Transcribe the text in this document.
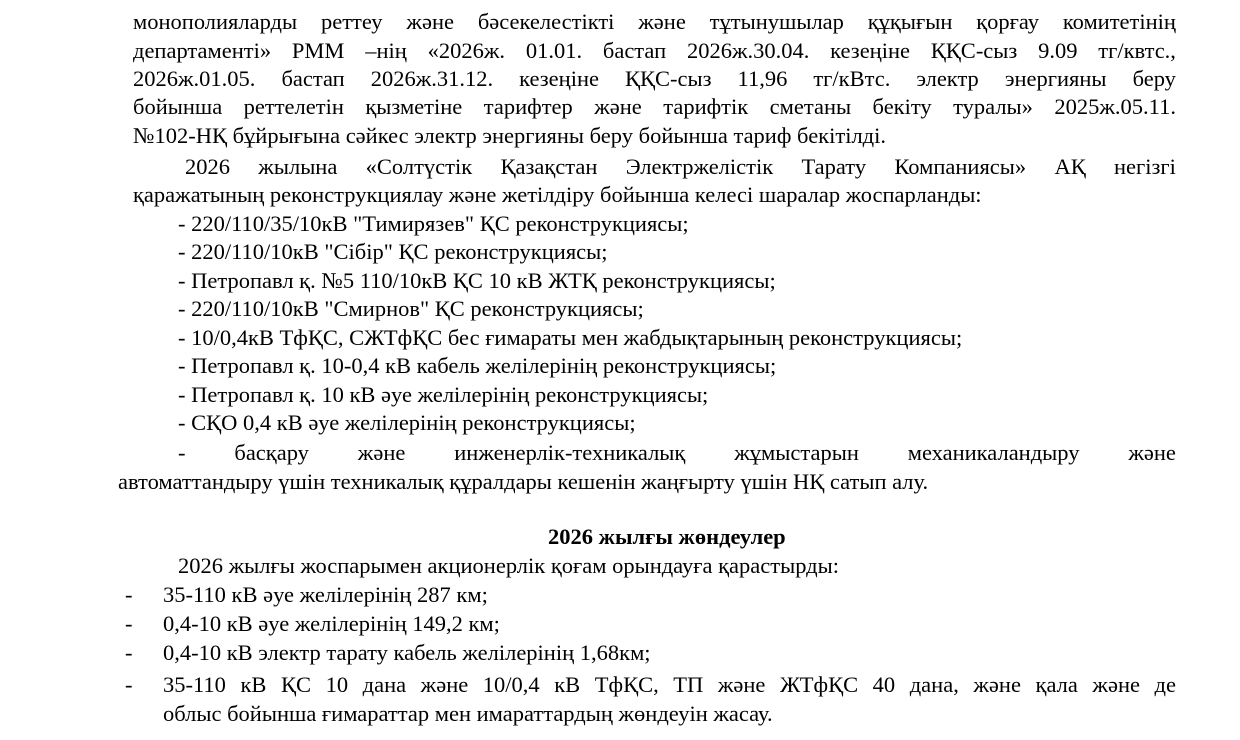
монополияларды реттеу және бәсекелестікті және тұтынушылар құқығын қорғау комитетінің
департаменті» РММ –нің «2026ж. 01.01. бастап 2026ж.30.04. кезеңіне ҚҚС-сыз 9.09 тг/квтс.,
2026ж.01.05. бастап 2026ж.31.12. кезеңіне ҚҚС-сыз 11,96 тг/кВтс. электр энергияны беру
бойынша реттелетін қызметіне тарифтер және тарифтік сметаны бекіту туралы» 2025ж.05.11.
№102-НҚ бұйрығына сәйкес электр энергияны беру бойынша тариф бекітілді.
2026 жылына «Солтүстік Қазақстан Электржелістік Тарату Компаниясы» АҚ негізгі
қаражатының реконструкциялау және жетілдіру бойынша келесі шаралар жоспарланды:
- 220/110/35/10кВ "Тимирязев" ҚС реконструкциясы;
- 220/110/10кВ "Сібір" ҚС реконструкциясы;
- Петропавл қ. №5 110/10кВ ҚС 10 кВ ЖТҚ реконструкциясы;
- 220/110/10кВ "Смирнов" ҚС реконструкциясы;
- 10/0,4кВ ТфҚС, СЖТфҚС бес ғимараты мен жабдықтарының реконструкциясы;
- Петропавл қ. 10-0,4 кВ кабель желілерінің реконструкциясы;
- Петропавл қ. 10 кВ әуе желілерінің реконструкциясы;
- СҚО 0,4 кВ әуе желілерінің реконструкциясы;
- басқару және инженерлік-техникалық жұмыстарын механикаландыру және
автоматтандыру үшін техникалық құралдары кешенін жаңғырту үшін НҚ сатып алу.
2026 жылғы жөндеулер
2026 жылғы жоспарымен акционерлік қоғам орындауға қарастырды:
- 35-110 кВ әуе желілерінің 287 км;
- 0,4-10 кВ әуе желілерінің 149,2 км;
- 0,4-10 кВ электр тарату кабель желілерінің 1,68км;
- 35-110 кВ ҚС 10 дана және 10/0,4 кВ ТфҚС, ТП және ЖТфҚС 40 дана, және қала және де
облыс бойынша ғимараттар мен имараттардың жөндеуін жасау.
